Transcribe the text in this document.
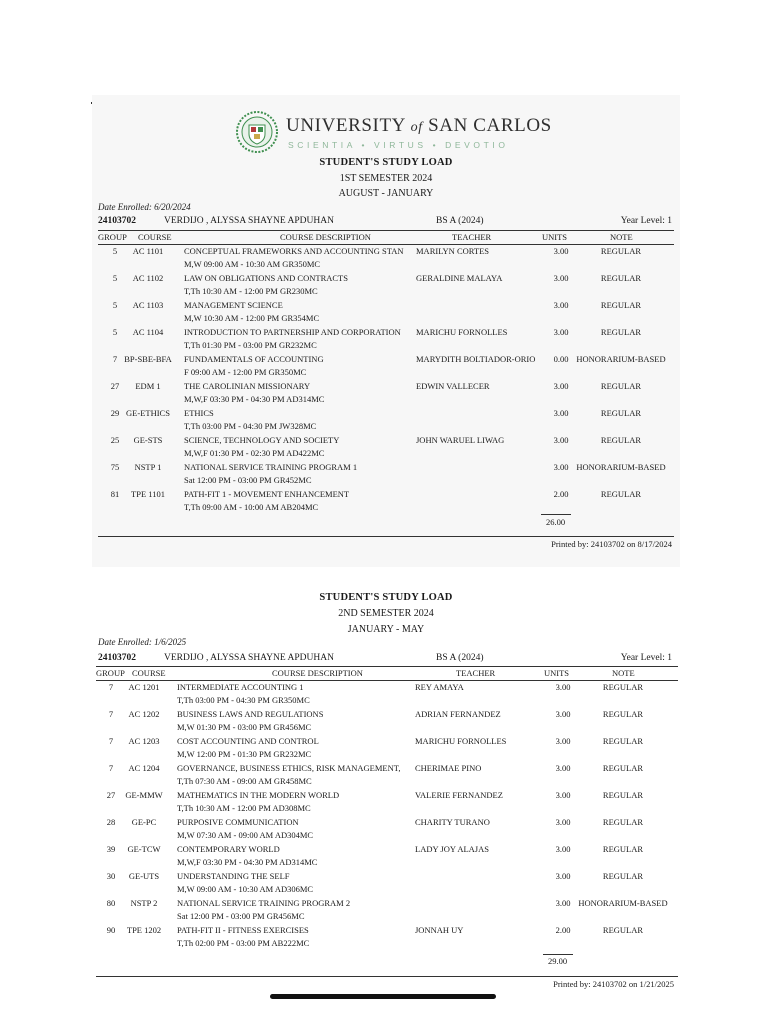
UNIVERSITY of SAN CARLOS
SCIENTIA • VIRTUS • DEVOTIO
STUDENT'S STUDY LOAD
1ST SEMESTER 2024
AUGUST - JANUARY
Date Enrolled: 6/20/2024
24103702	VERDIJO , ALYSSA SHAYNE APDUHAN	BS A (2024)	Year Level: 1
GROUP COURSE	COURSE DESCRIPTION	TEACHER	UNITS	NOTE
5	AC 1101	CONCEPTUAL FRAMEWORKS AND ACCOUNTING STAN	MARILYN CORTES	3.00	REGULAR
M,W 09:00 AM - 10:30 AM GR350MC
5	AC 1102	LAW ON OBLIGATIONS AND CONTRACTS	GERALDINE MALAYA	3.00	REGULAR
T,Th 10:30 AM - 12:00 PM GR230MC
5	AC 1103	MANAGEMENT SCIENCE	3.00	REGULAR
M,W 10:30 AM - 12:00 PM GR354MC
5	AC 1104	INTRODUCTION TO PARTNERSHIP AND CORPORATION	MARICHU FORNOLLES	3.00	REGULAR
T,Th 01:30 PM - 03:00 PM GR232MC
7 BP-SBE-BFA	FUNDAMENTALS OF ACCOUNTING	MARYDITH BOLTIADOR-ORIO	0.00 HONORARIUM-BASED
F 09:00 AM - 12:00 PM GR350MC
27	EDM 1	THE CAROLINIAN MISSIONARY	EDWIN VALLECER	3.00	REGULAR
M,W,F 03:30 PM - 04:30 PM AD314MC
29 GE-ETHICS	ETHICS	3.00	REGULAR
T,Th 03:00 PM - 04:30 PM JW328MC
25	GE-STS	SCIENCE, TECHNOLOGY AND SOCIETY	JOHN WARUEL LIWAG	3.00	REGULAR
M,W,F 01:30 PM - 02:30 PM AD422MC
75	NSTP 1	NATIONAL SERVICE TRAINING PROGRAM 1	3.00 HONORARIUM-BASED
Sat 12:00 PM - 03:00 PM GR452MC
81	TPE 1101	PATH-FIT 1 - MOVEMENT ENHANCEMENT	2.00	REGULAR
T,Th 09:00 AM - 10:00 AM AB204MC
26.00
Printed by: 24103702 on 8/17/2024
STUDENT'S STUDY LOAD
2ND SEMESTER 2024
JANUARY - MAY
Date Enrolled: 1/6/2025
24103702	VERDIJO , ALYSSA SHAYNE APDUHAN	BS A (2024)	Year Level: 1
GROUP COURSE	COURSE DESCRIPTION	TEACHER	UNITS	NOTE
7	AC 1201	INTERMEDIATE ACCOUNTING 1	REY AMAYA	3.00	REGULAR
T,Th 03:00 PM - 04:30 PM GR350MC
7	AC 1202	BUSINESS LAWS AND REGULATIONS	ADRIAN FERNANDEZ	3.00	REGULAR
M,W 01:30 PM - 03:00 PM GR456MC
7	AC 1203	COST ACCOUNTING AND CONTROL	MARICHU FORNOLLES	3.00	REGULAR
M,W 12:00 PM - 01:30 PM GR232MC
7	AC 1204	GOVERNANCE, BUSINESS ETHICS, RISK MANAGEMENT,	CHERIMAE PINO	3.00	REGULAR
T,Th 07:30 AM - 09:00 AM GR458MC
27	GE-MMW	MATHEMATICS IN THE MODERN WORLD	VALERIE FERNANDEZ	3.00	REGULAR
T,Th 10:30 AM - 12:00 PM AD308MC
28	GE-PC	PURPOSIVE COMMUNICATION	CHARITY TURANO	3.00	REGULAR
M,W 07:30 AM - 09:00 AM AD304MC
39	GE-TCW	CONTEMPORARY WORLD	LADY JOY ALAJAS	3.00	REGULAR
M,W,F 03:30 PM - 04:30 PM AD314MC
30	GE-UTS	UNDERSTANDING THE SELF	3.00	REGULAR
M,W 09:00 AM - 10:30 AM AD306MC
80	NSTP 2	NATIONAL SERVICE TRAINING PROGRAM 2	3.00 HONORARIUM-BASED
Sat 12:00 PM - 03:00 PM GR456MC
90	TPE 1202	PATH-FIT II - FITNESS EXERCISES	JONNAH UY	2.00	REGULAR
T,Th 02:00 PM - 03:00 PM AB222MC
29.00
Printed by: 24103702 on 1/21/2025
